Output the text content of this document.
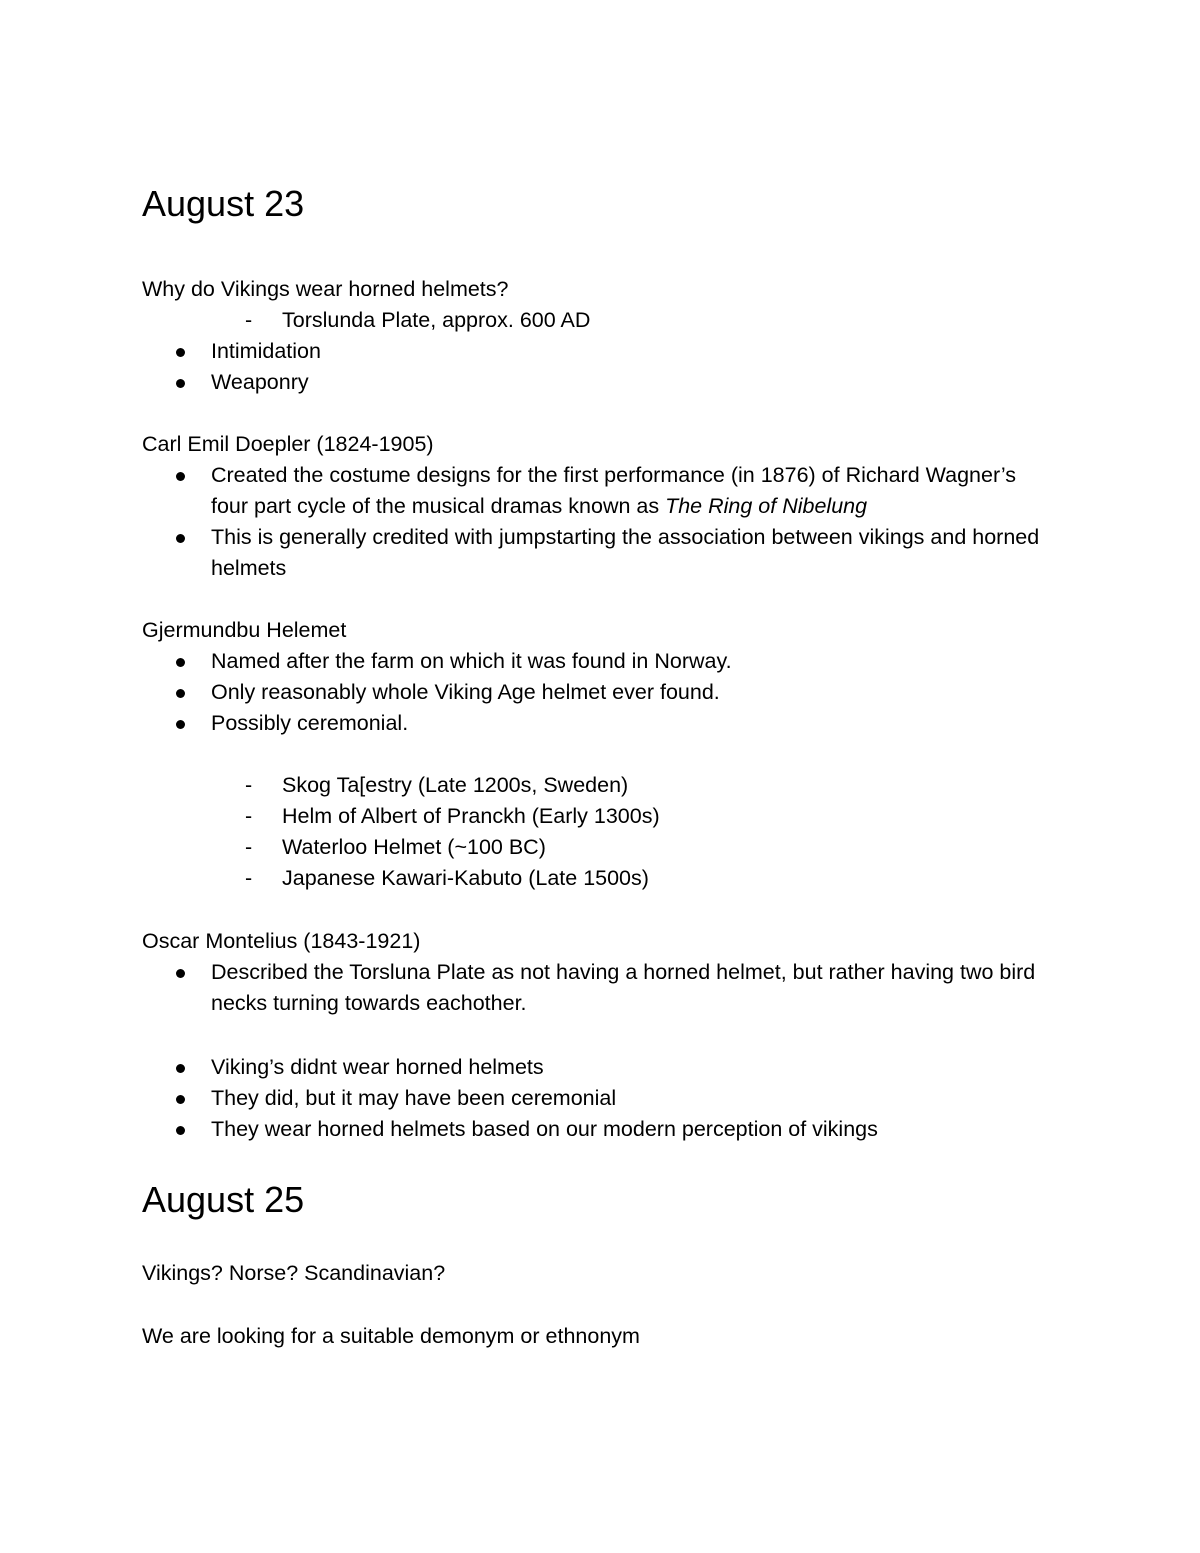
August 23
Why do Vikings wear horned helmets?
- Torslunda Plate, approx. 600 AD
Intimidation
Weaponry
Carl Emil Doepler (1824-1905)
Created the costume designs for the first performance (in 1876) of Richard Wagner’s four part cycle of the musical dramas known as The Ring of Nibelung
This is generally credited with jumpstarting the association between vikings and horned helmets
Gjermundbu Helemet
Named after the farm on which it was found in Norway.
Only reasonably whole Viking Age helmet ever found.
Possibly ceremonial.
- Skog Ta[estry (Late 1200s, Sweden)
- Helm of Albert of Pranckh (Early 1300s)
- Waterloo Helmet (~100 BC)
- Japanese Kawari-Kabuto (Late 1500s)
Oscar Montelius (1843-1921)
Described the Torsluna Plate as not having a horned helmet, but rather having two bird necks turning towards eachother.
Viking’s didnt wear horned helmets
They did, but it may have been ceremonial
They wear horned helmets based on our modern perception of vikings
August 25
Vikings? Norse? Scandinavian?
We are looking for a suitable demonym or ethnonym
